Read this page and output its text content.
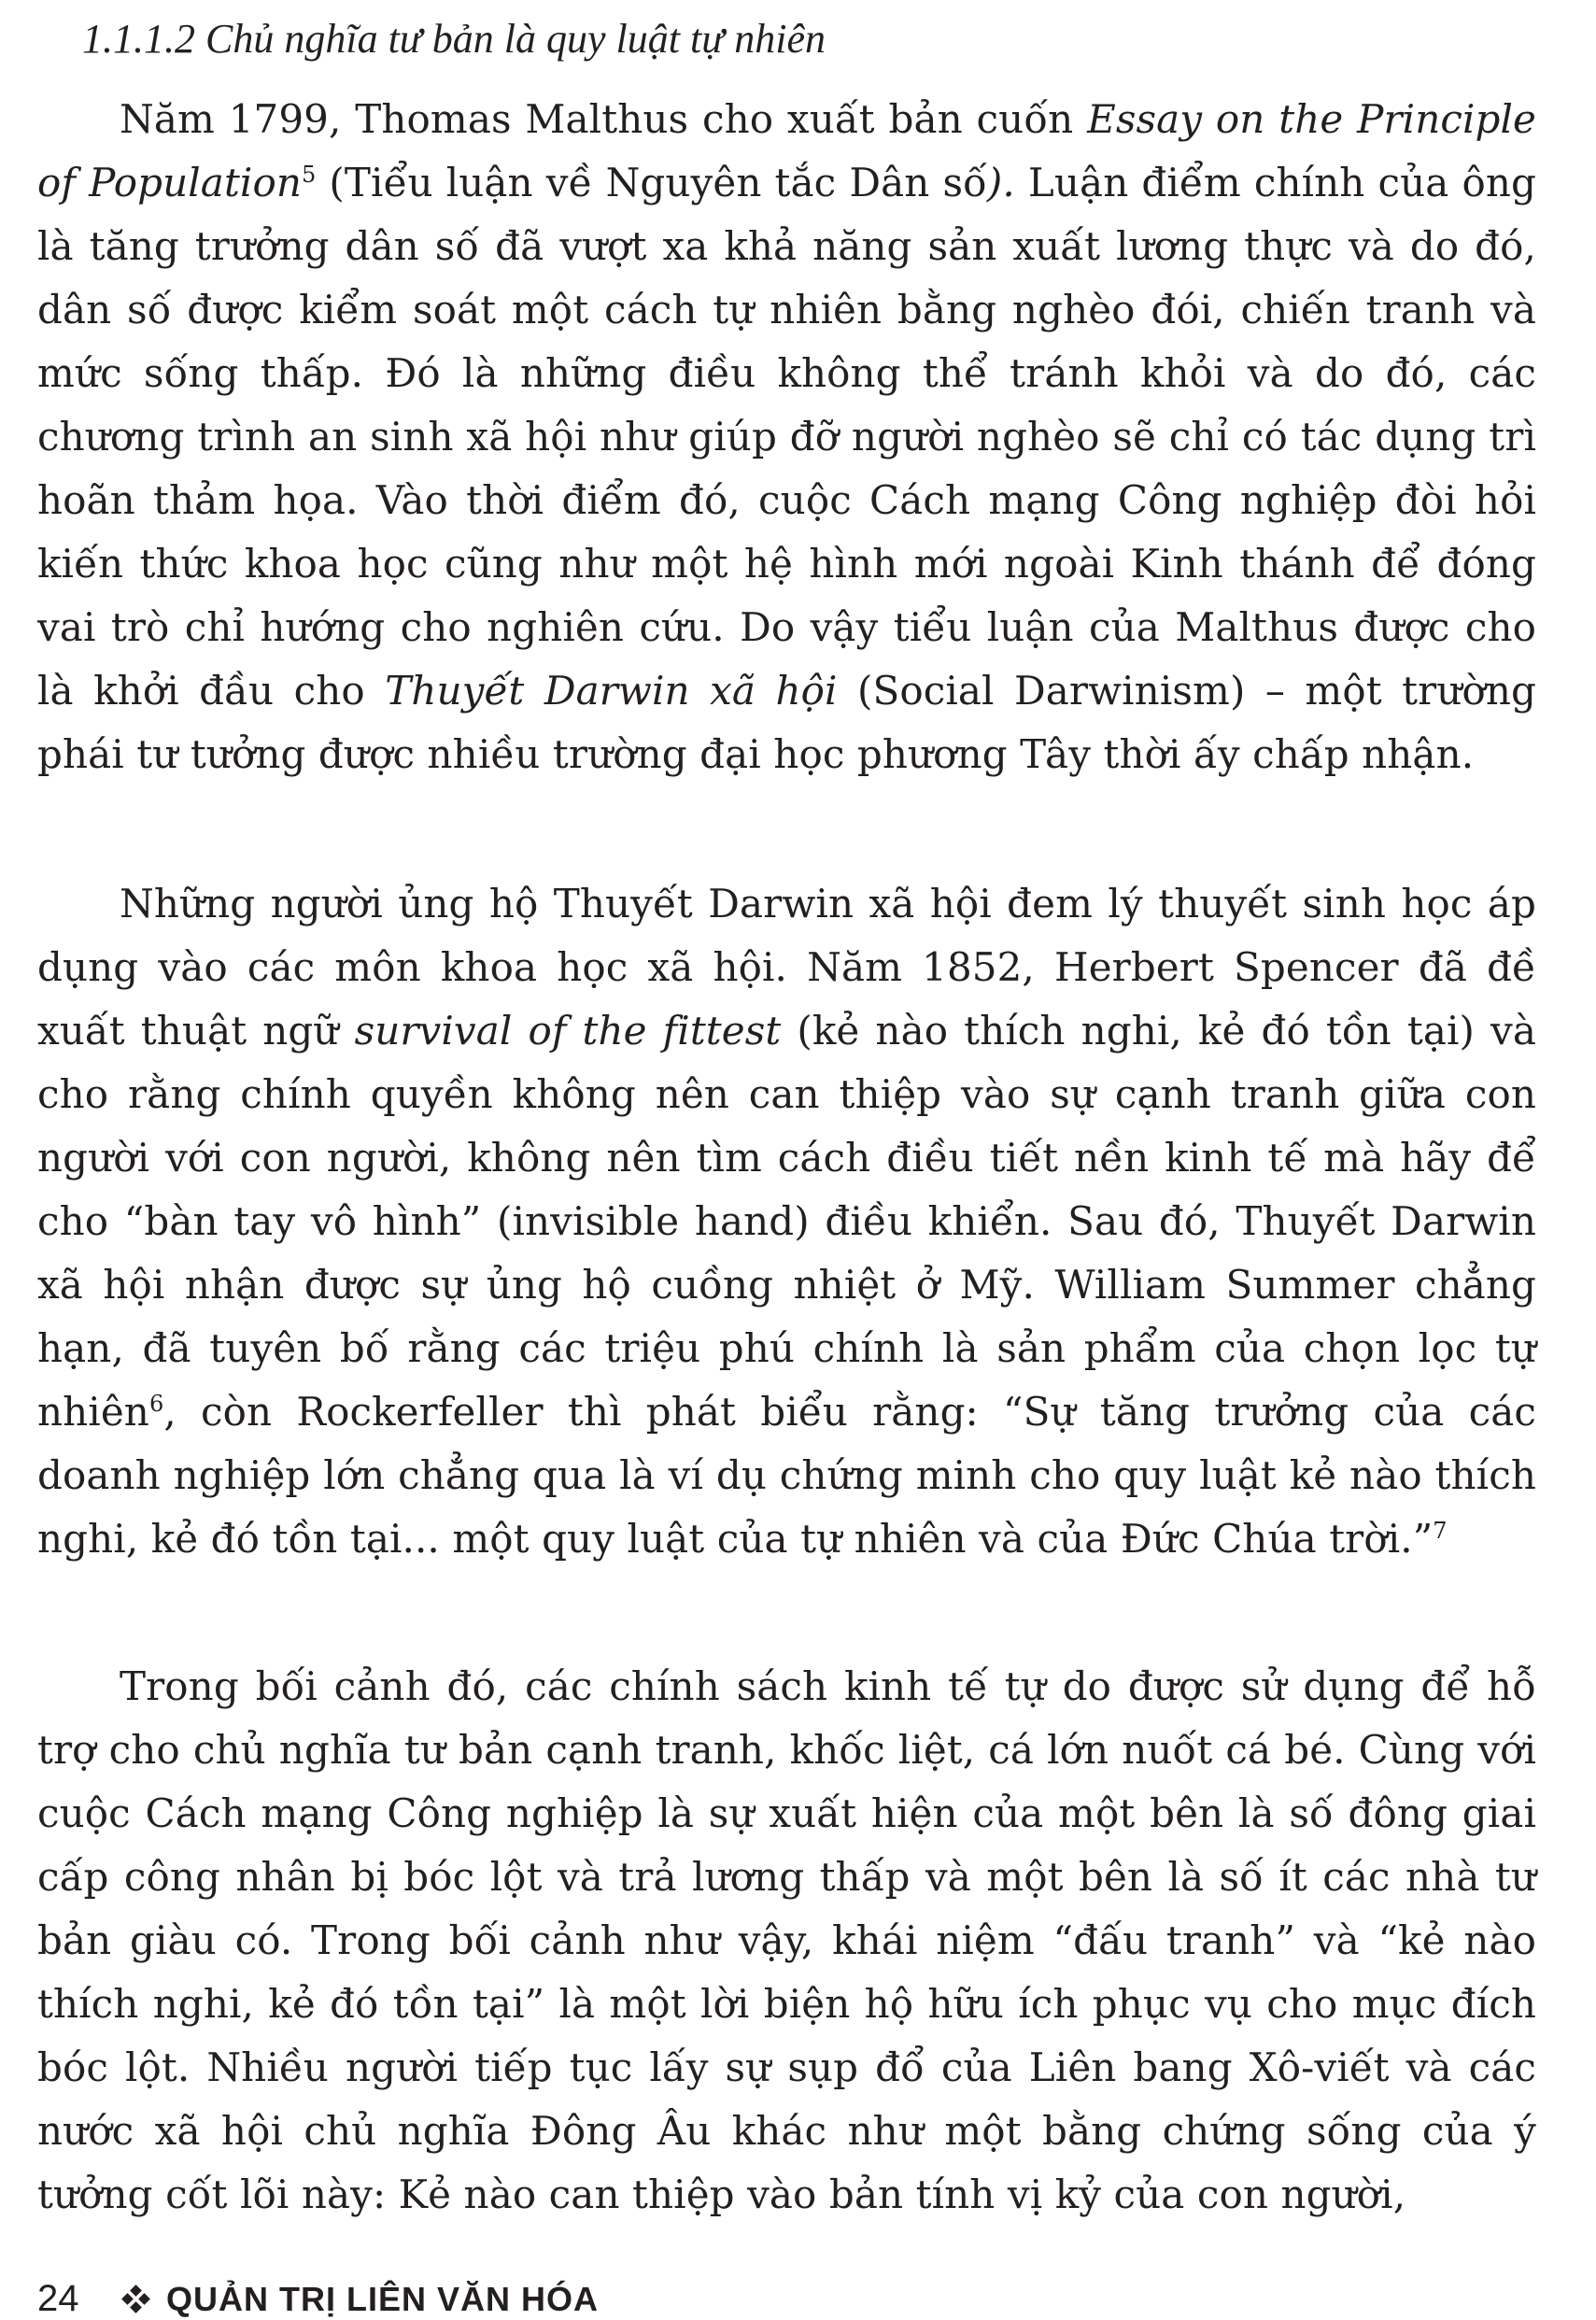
1.1.1.2 Chủ nghĩa tư bản là quy luật tự nhiên

Năm 1799, Thomas Malthus cho xuất bản cuốn Essay on the Principle of Population$^5$ (Tiểu luận về Nguyên tắc Dân số). Luận điểm chính của ông là tăng trưởng dân số đã vượt xa khả năng sản xuất lương thực và do đó, dân số được kiểm soát một cách tự nhiên bằng nghèo đói, chiến tranh và mức sống thấp. Đó là những điều không thể tránh khỏi và do đó, các chương trình an sinh xã hội như giúp đỡ người nghèo sẽ chỉ có tác dụng trì hoãn thảm họa. Vào thời điểm đó, cuộc Cách mạng Công nghiệp đòi hỏi kiến thức khoa học cũng như một hệ hình mới ngoài Kinh thánh để đóng vai trò chỉ hướng cho nghiên cứu. Do vậy tiểu luận của Malthus được cho là khởi đầu cho Thuyết Darwin xã hội (Social Darwinism) – một trường phái tư tưởng được nhiều trường đại học phương Tây thời ấy chấp nhận.

Những người ủng hộ Thuyết Darwin xã hội đem lý thuyết sinh học áp dụng vào các môn khoa học xã hội. Năm 1852, Herbert Spencer đã đề xuất thuật ngữ survival of the fittest (kẻ nào thích nghi, kẻ đó tồn tại) và cho rằng chính quyền không nên can thiệp vào sự cạnh tranh giữa con người với con người, không nên tìm cách điều tiết nền kinh tế mà hãy để cho “bàn tay vô hình” (invisible hand) điều khiển. Sau đó, Thuyết Darwin xã hội nhận được sự ủng hộ cuồng nhiệt ở Mỹ. William Summer chẳng hạn, đã tuyên bố rằng các triệu phú chính là sản phẩm của chọn lọc tự nhiên$^6$, còn Rockerfeller thì phát biểu rằng: “Sự tăng trưởng của các doanh nghiệp lớn chẳng qua là ví dụ chứng minh cho quy luật kẻ nào thích nghi, kẻ đó tồn tại... một quy luật của tự nhiên và của Đức Chúa trời.”$^7$

Trong bối cảnh đó, các chính sách kinh tế tự do được sử dụng để hỗ trợ cho chủ nghĩa tư bản cạnh tranh, khốc liệt, cá lớn nuốt cá bé. Cùng với cuộc Cách mạng Công nghiệp là sự xuất hiện của một bên là số đông giai cấp công nhân bị bóc lột và trả lương thấp và một bên là số ít các nhà tư bản giàu có. Trong bối cảnh như vậy, khái niệm “đấu tranh” và “kẻ nào thích nghi, kẻ đó tồn tại” là một lời biện hộ hữu ích phục vụ cho mục đích bóc lột. Nhiều người tiếp tục lấy sự sụp đổ của Liên bang Xô-viết và các nước xã hội chủ nghĩa Đông Âu khác như một bằng chứng sống của ý tưởng cốt lõi này: Kẻ nào can thiệp vào bản tính vị kỷ của con người,

24	QUẢN TRỊ LIÊN VĂN HÓA
